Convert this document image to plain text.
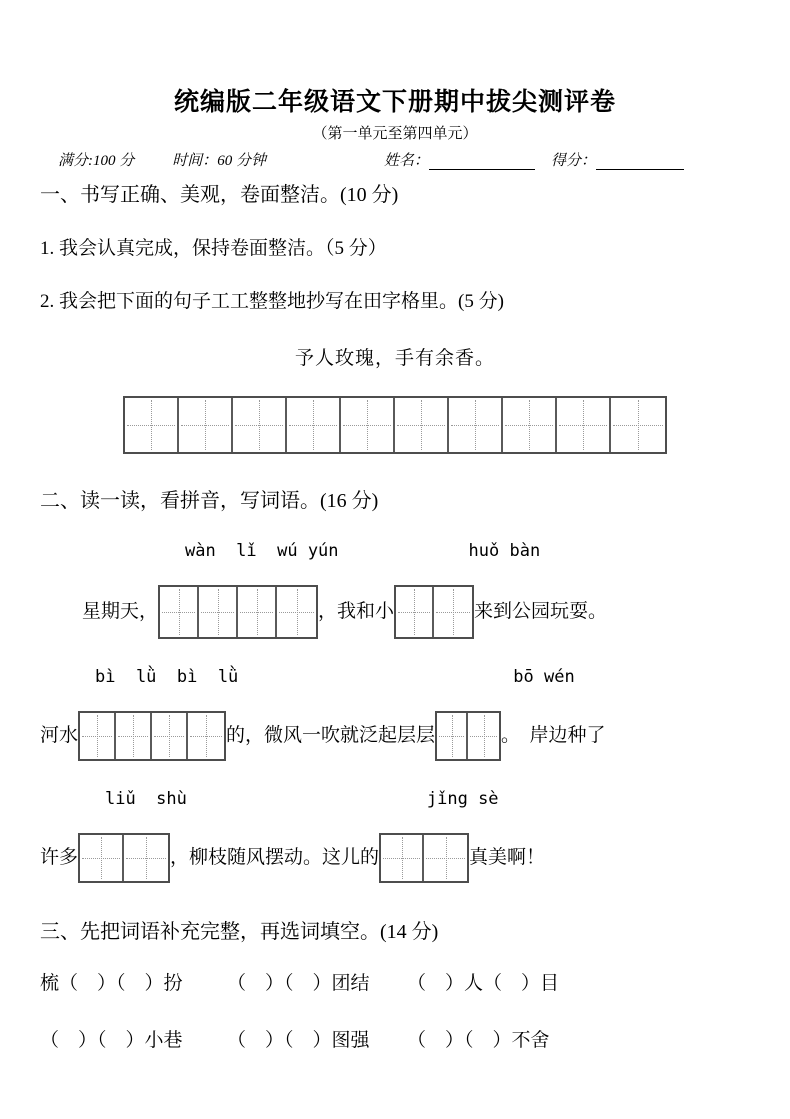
统编版二年级语文下册期中拔尖测评卷
（第一单元至第四单元）
满分:100 分	时间：60 分钟	姓名：	得分：
一、书写正确、美观，卷面整洁。(10 分)
1. 我会认真完成，保持卷面整洁。（5 分）
2. 我会把下面的句子工工整整地抄写在田字格里。(5 分)
予人玫瑰，手有余香。
二、读一读，看拼音，写词语。(16 分)
wàn  lǐ  wú yún	huǒ bàn
星期天，	，我和小	来到公园玩耍。
bì  lǜ  bì  lǜ	bō wén
河水	的，微风一吹就泛起层层	。  岸边种了
liǔ  shù	jǐng sè
许多	，柳枝随风摆动。这儿的	真美啊！
三、先把词语补充完整，再选词填空。(14 分)
梳（　）（　）扮	（　）（　）团结	（　）人（　）目
（　）（　）小巷	（　）（　）图强	（　）（　）不舍
